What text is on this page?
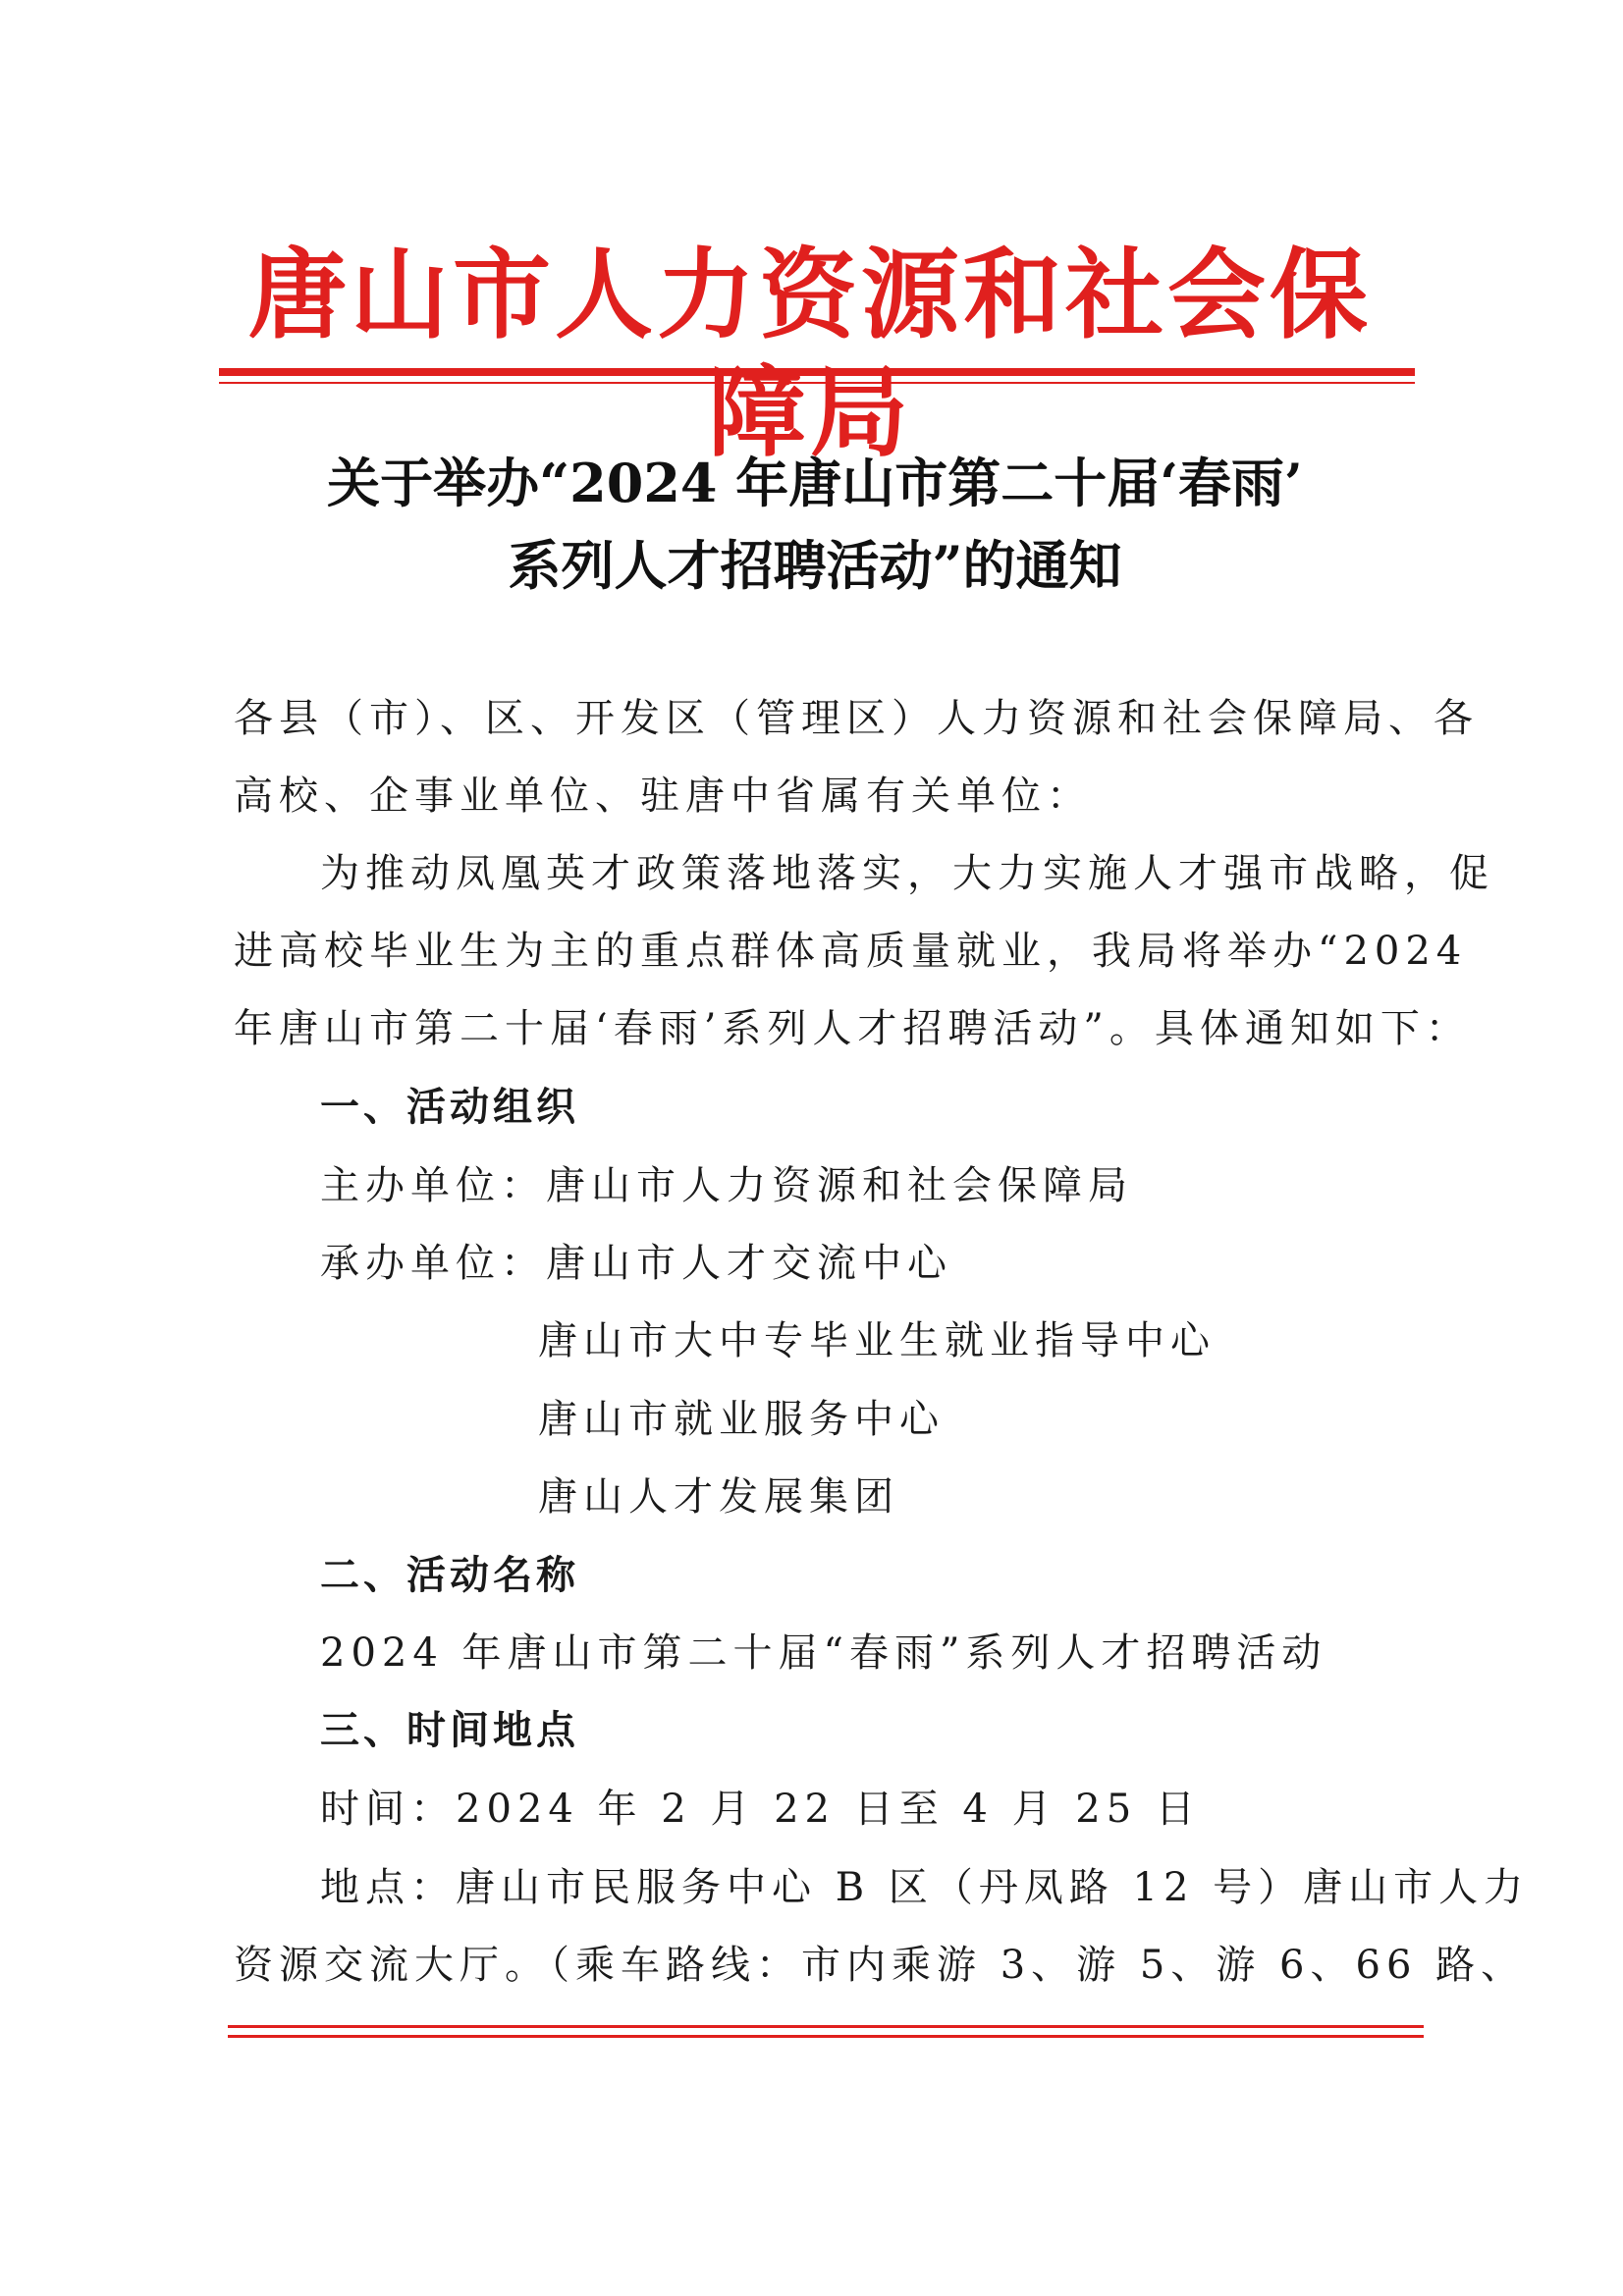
唐山市人力资源和社会保障局
关于举办“2024 年唐山市第二十届‘春雨’
系列人才招聘活动”的通知
各县（市）、区、开发区（管理区）人力资源和社会保障局、各
高校、企事业单位、驻唐中省属有关单位：
为推动凤凰英才政策落地落实，大力实施人才强市战略，促
进高校毕业生为主的重点群体高质量就业，我局将举办“2024
年唐山市第二十届‘春雨’系列人才招聘活动”。具体通知如下：
一、活动组织
主办单位：唐山市人力资源和社会保障局
承办单位：唐山市人才交流中心
唐山市大中专毕业生就业指导中心
唐山市就业服务中心
唐山人才发展集团
二、活动名称
2024 年唐山市第二十届“春雨”系列人才招聘活动
三、时间地点
时间：2024 年 2 月 22 日至 4 月 25 日
地点：唐山市民服务中心 B 区（丹凤路 12 号）唐山市人力
资源交流大厅。（乘车路线：市内乘游 3、游 5、游 6、66 路、
